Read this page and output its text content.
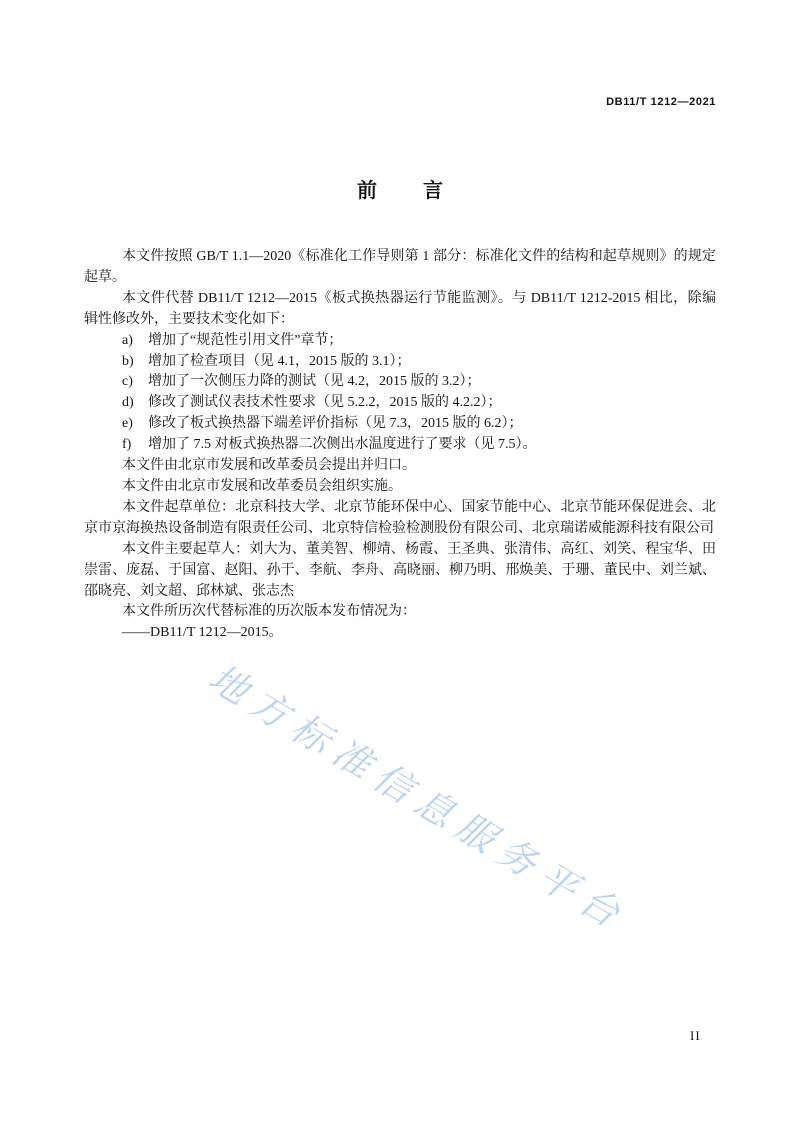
DB11/T 1212—2021
前言

本文件按照 GB/T 1.1—2020《标准化工作导则第 1 部分：标准化文件的结构和起草规则》的规定起草。

本文件代替 DB11/T 1212—2015《板式换热器运行节能监测》。与 DB11/T 1212-2015 相比，除编辑性修改外，主要技术变化如下：

a)	增加了“规范性引用文件”章节；
b)	增加了检查项目（见 4.1，2015 版的 3.1）；
c)	增加了一次侧压力降的测试（见 4.2，2015 版的 3.2）；
d)	修改了测试仪表技术性要求（见 5.2.2，2015 版的 4.2.2）；
e)	修改了板式换热器下端差评价指标（见 7.3，2015 版的 6.2）；
f)	增加了 7.5 对板式换热器二次侧出水温度进行了要求（见 7.5）。

本文件由北京市发展和改革委员会提出并归口。

本文件由北京市发展和改革委员会组织实施。

本文件起草单位：北京科技大学、北京节能环保中心、国家节能中心、北京节能环保促进会、北京市京海换热设备制造有限责任公司、北京特信检验检测股份有限公司、北京瑞诺威能源科技有限公司

本文件主要起草人：刘大为、董美智、柳靖、杨霞、王圣典、张清伟、高红、刘笑、程宝华、田崇雷、庞磊、于国富、赵阳、孙干、李航、李舟、高晓丽、柳乃明、邢焕美、于珊、董民中、刘兰斌、邵晓亮、刘文超、邱林斌、张志杰

本文件所历次代替标准的历次版本发布情况为：

——DB11/T 1212—2015。

地方标准信息服务平台
II
